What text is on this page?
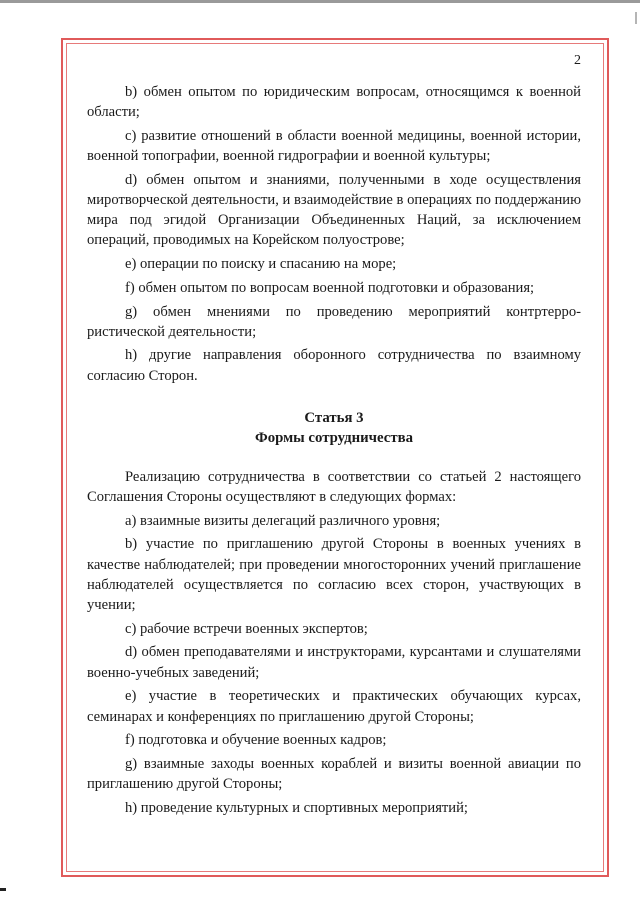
2

b) обмен опытом по юридическим вопросам, относящимся к военной области;

c) развитие отношений в области военной медицины, военной истории, военной топографии, военной гидрографии и военной культуры;

d) обмен опытом и знаниями, полученными в ходе осуществления миротворческой деятельности, и взаимодействие в операциях по поддержанию мира под эгидой Организации Объединенных Наций, за исключением операций, проводимых на Корейском полуострове;

e) операции по поиску и спасанию на море;

f) обмен опытом по вопросам военной подготовки и образования;

g) обмен мнениями по проведению мероприятий контртерро-ристической деятельности;

h) другие направления оборонного сотрудничества по взаимному согласию Сторон.

Статья 3
Формы сотрудничества

Реализацию сотрудничества в соответствии со статьей 2 настоящего Соглашения Стороны осуществляют в следующих формах:

a) взаимные визиты делегаций различного уровня;

b) участие по приглашению другой Стороны в военных учениях в качестве наблюдателей; при проведении многосторонних учений приглашение наблюдателей осуществляется по согласию всех сторон, участвующих в учении;

c) рабочие встречи военных экспертов;

d) обмен преподавателями и инструкторами, курсантами и слушателями военно-учебных заведений;

e) участие в теоретических и практических обучающих курсах, семинарах и конференциях по приглашению другой Стороны;

f) подготовка и обучение военных кадров;

g) взаимные заходы военных кораблей и визиты военной авиации по приглашению другой Стороны;

h) проведение культурных и спортивных мероприятий;
